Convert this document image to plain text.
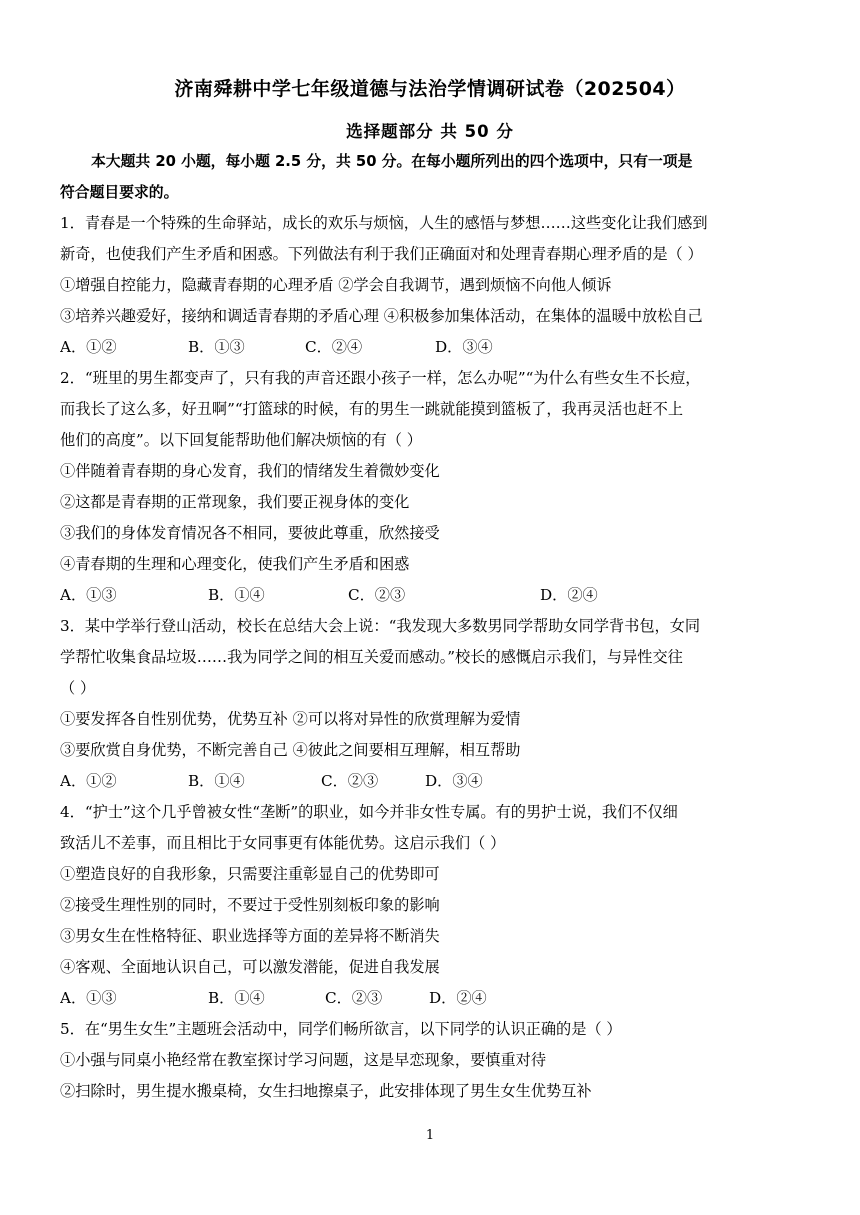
济南舜耕中学七年级道德与法治学情调研试卷（202504）
选择题部分 共 50 分
本大题共 20 小题，每小题 2.5 分，共 50 分。在每小题所列出的四个选项中，只有一项是
符合题目要求的。
1．青春是一个特殊的生命驿站，成长的欢乐与烦恼，人生的感悟与梦想……这些变化让我们感到
新奇，也使我们产生矛盾和困惑。下列做法有利于我们正确面对和处理青春期心理矛盾的是（ ）
①增强自控能力，隐藏青春期的心理矛盾 ②学会自我调节，遇到烦恼不向他人倾诉
③培养兴趣爱好，接纳和调适青春期的矛盾心理 ④积极参加集体活动，在集体的温暖中放松自己
A．①②	B．①③	C．②④	D．③④
2．“班里的男生都变声了，只有我的声音还跟小孩子一样，怎么办呢”“为什么有些女生不长痘，
而我长了这么多，好丑啊”“打篮球的时候，有的男生一跳就能摸到篮板了，我再灵活也赶不上
他们的高度”。以下回复能帮助他们解决烦恼的有（ ）
①伴随着青春期的身心发育，我们的情绪发生着微妙变化
②这都是青春期的正常现象，我们要正视身体的变化
③我们的身体发育情况各不相同，要彼此尊重，欣然接受
④青春期的生理和心理变化，使我们产生矛盾和困惑
A．①③	B．①④	C．②③	D．②④
3．某中学举行登山活动，校长在总结大会上说：“我发现大多数男同学帮助女同学背书包，女同
学帮忙收集食品垃圾……我为同学之间的相互关爱而感动。”校长的感慨启示我们，与异性交往
（ ）
①要发挥各自性别优势，优势互补 ②可以将对异性的欣赏理解为爱情
③要欣赏自身优势，不断完善自己 ④彼此之间要相互理解，相互帮助
A．①②	B．①④	C．②③	D．③④
4．“护士”这个几乎曾被女性“垄断”的职业，如今并非女性专属。有的男护士说，我们不仅细
致活儿不差事，而且相比于女同事更有体能优势。这启示我们（ ）
①塑造良好的自我形象，只需要注重彰显自己的优势即可
②接受生理性别的同时，不要过于受性别刻板印象的影响
③男女生在性格特征、职业选择等方面的差异将不断消失
④客观、全面地认识自己，可以激发潜能，促进自我发展
A．①③	B．①④	C．②③	D．②④
5．在“男生女生”主题班会活动中，同学们畅所欲言，以下同学的认识正确的是（ ）
①小强与同桌小艳经常在教室探讨学习问题，这是早恋现象，要慎重对待
②扫除时，男生提水搬桌椅，女生扫地擦桌子，此安排体现了男生女生优势互补
1
